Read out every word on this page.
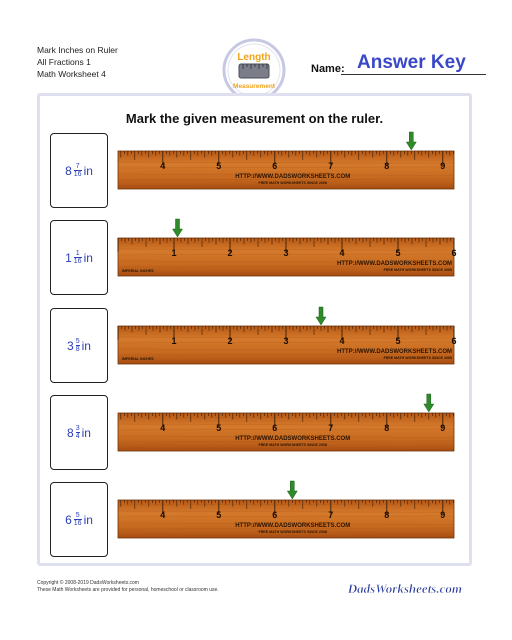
Mark Inches on Ruler
All Fractions 1
Math Worksheet 4
Length
Measurement
Name: Answer Key
Mark the given measurement on the ruler.
$8 \frac{7}{16}$ in	4	5	6	7	8	9
HTTP://WWW.DADSWORKSHEETS.COM
FREE MATH WORKSHEETS SINCE 2008
$1 \frac{1}{16}$ in	1	2	3	4	5	6
HTTP://WWW.DADSWORKSHEETS.COM
FREE MATH WORKSHEETS SINCE 2008
IMPERIAL INCHES
$3 \frac{5}{8}$ in	1	2	3	4	5	6
HTTP://WWW.DADSWORKSHEETS.COM
FREE MATH WORKSHEETS SINCE 2008
IMPERIAL INCHES
$8 \frac{3}{4}$ in	4	5	6	7	8	9
HTTP://WWW.DADSWORKSHEETS.COM
FREE MATH WORKSHEETS SINCE 2008
$6 \frac{5}{16}$ in	4	5	6	7	8	9
HTTP://WWW.DADSWORKSHEETS.COM
FREE MATH WORKSHEETS SINCE 2008
Copyright © 2008-2019 DadsWorksheets.com
These Math Worksheets are provided for personal, homeschool or classroom use.	DadsWorksheets.com
